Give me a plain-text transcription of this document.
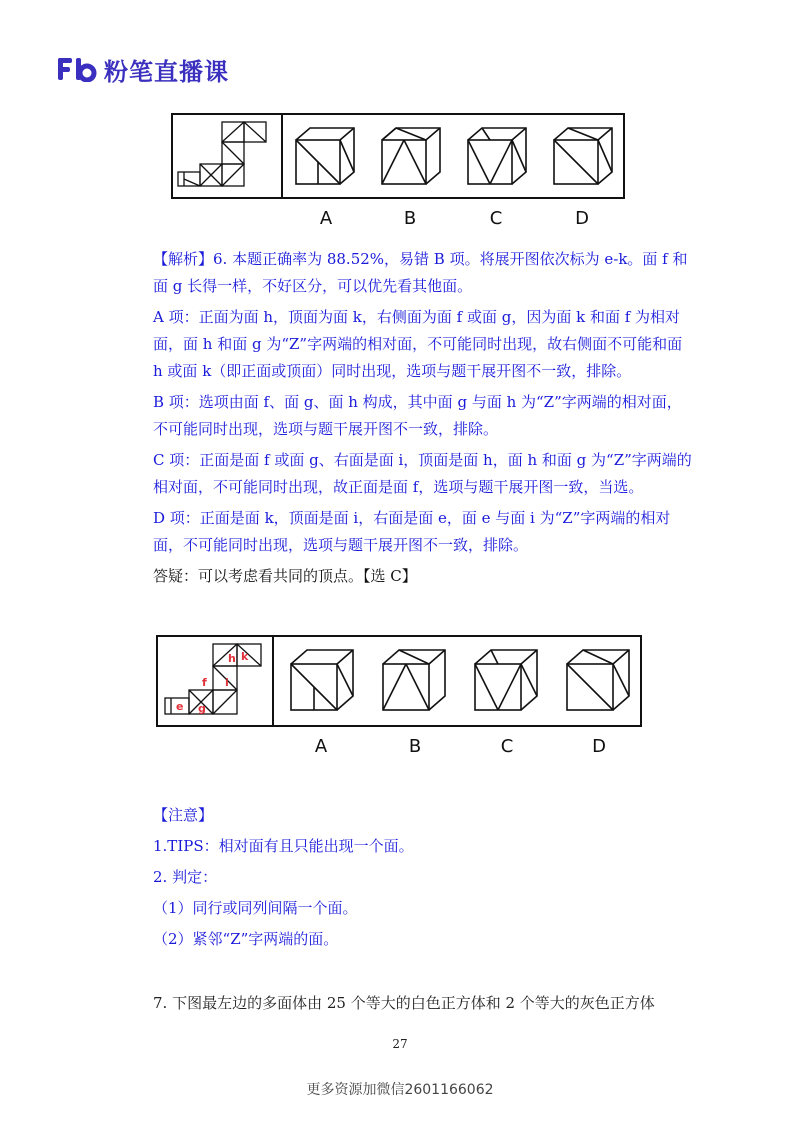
粉笔直播课
A	B	C	D

【解析】6. 本题正确率为 88.52%，易错 B 项。将展开图依次标为 e-k。面 f 和面 g 长得一样，不好区分，可以优先看其他面。

A 项：正面为面 h，顶面为面 k，右侧面为面 f 或面 g，因为面 k 和面 f 为相对面，面 h 和面 g 为“Z”字两端的相对面，不可能同时出现，故右侧面不可能和面 h 或面 k（即正面或顶面）同时出现，选项与题干展开图不一致，排除。

B 项：选项由面 f、面 g、面 h 构成，其中面 g 与面 h 为“Z”字两端的相对面，不可能同时出现，选项与题干展开图不一致，排除。

C 项：正面是面 f 或面 g、右面是面 i，顶面是面 h，面 h 和面 g 为“Z”字两端的相对面，不可能同时出现，故正面是面 f，选项与题干展开图一致，当选。

D 项：正面是面 k，顶面是面 i，右面是面 e，面 e 与面 i 为“Z”字两端的相对面，不可能同时出现，选项与题干展开图不一致，排除。

答疑：可以考虑看共同的顶点。【选 C】

h k
f i
e g
A	B	C	D

【注意】

1.TIPS：相对面有且只能出现一个面。

2. 判定：

（1）同行或同列间隔一个面。

（2）紧邻“Z”字两端的面。

7. 下图最左边的多面体由 25 个等大的白色正方体和 2 个等大的灰色正方体
27
更多资源加微信2601166062
